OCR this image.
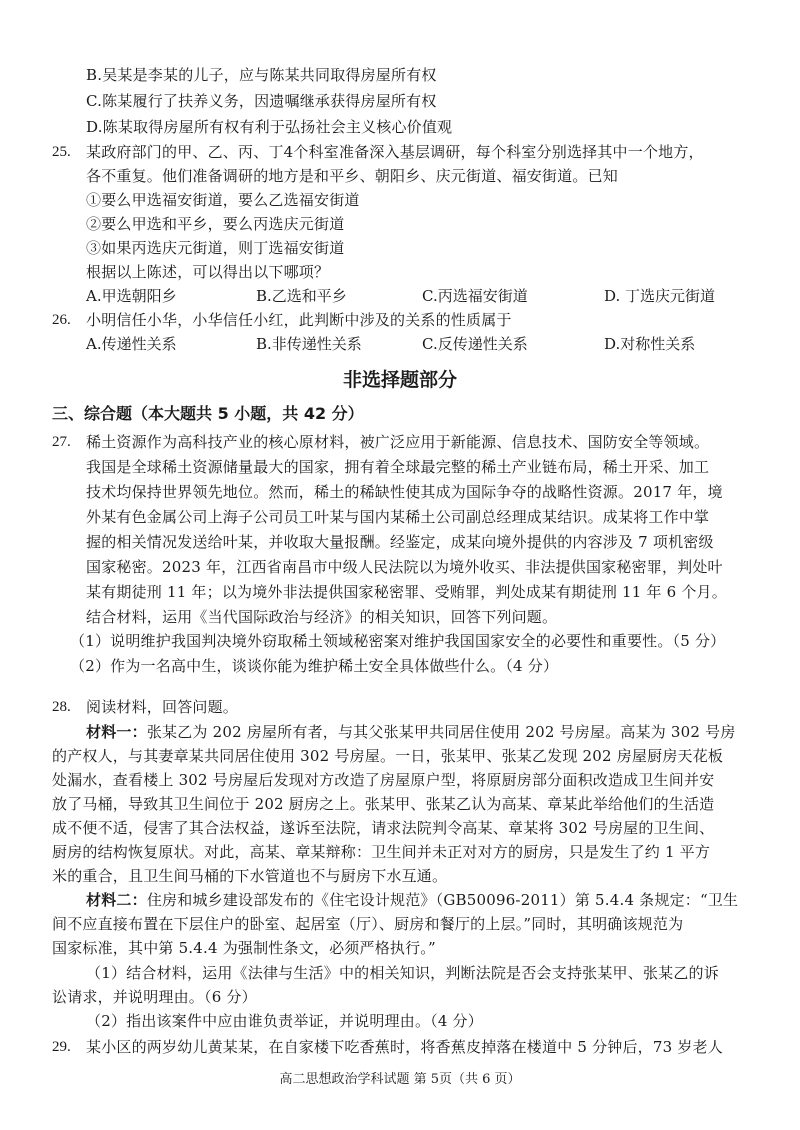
B.吴某是李某的儿子，应与陈某共同取得房屋所有权
C.陈某履行了扶养义务，因遗嘱继承获得房屋所有权
D.陈某取得房屋所有权有利于弘扬社会主义核心价值观
25. 某政府部门的甲、乙、丙、丁4个科室准备深入基层调研，每个科室分别选择其中一个地方，
各不重复。他们准备调研的地方是和平乡、朝阳乡、庆元街道、福安街道。已知
①要么甲选福安街道，要么乙选福安街道
②要么甲选和平乡，要么丙选庆元街道
③如果丙选庆元街道，则丁选福安街道
根据以上陈述，可以得出以下哪项？
A.甲选朝阳乡	B.乙选和平乡	C.丙选福安街道	D. 丁选庆元街道
26. 小明信任小华，小华信任小红，此判断中涉及的关系的性质属于
A.传递性关系	B.非传递性关系	C.反传递性关系	D.对称性关系
非选择题部分
三、综合题（本大题共 5 小题，共 42 分）
27. 稀土资源作为高科技产业的核心原材料，被广泛应用于新能源、信息技术、国防安全等领域。
我国是全球稀土资源储量最大的国家，拥有着全球最完整的稀土产业链布局，稀土开采、加工
技术均保持世界领先地位。然而，稀土的稀缺性使其成为国际争夺的战略性资源。2017 年，境
外某有色金属公司上海子公司员工叶某与国内某稀土公司副总经理成某结识。成某将工作中掌
握的相关情况发送给叶某，并收取大量报酬。经鉴定，成某向境外提供的内容涉及 7 项机密级
国家秘密。2023 年，江西省南昌市中级人民法院以为境外收买、非法提供国家秘密罪，判处叶
某有期徒刑 11 年；以为境外非法提供国家秘密罪、受贿罪，判处成某有期徒刑 11 年 6 个月。
结合材料，运用《当代国际政治与经济》的相关知识，回答下列问题。
（1）说明维护我国判决境外窃取稀土领域秘密案对维护我国国家安全的必要性和重要性。（5 分）
（2）作为一名高中生，谈谈你能为维护稀土安全具体做些什么。（4 分）
28. 阅读材料，回答问题。
材料一：张某乙为 202 房屋所有者，与其父张某甲共同居住使用 202 号房屋。高某为 302 号房
的产权人，与其妻章某共同居住使用 302 号房屋。一日，张某甲、张某乙发现 202 房屋厨房天花板
处漏水，查看楼上 302 号房屋后发现对方改造了房屋原户型，将原厨房部分面积改造成卫生间并安
放了马桶，导致其卫生间位于 202 厨房之上。张某甲、张某乙认为高某、章某此举给他们的生活造
成不便不适，侵害了其合法权益，遂诉至法院，请求法院判令高某、章某将 302 号房屋的卫生间、
厨房的结构恢复原状。对此，高某、章某辩称：卫生间并未正对对方的厨房，只是发生了约 1 平方
米的重合，且卫生间马桶的下水管道也不与厨房下水互通。
材料二：住房和城乡建设部发布的《住宅设计规范》（GB50096-2011）第 5.4.4 条规定：“卫生
间不应直接布置在下层住户的卧室、起居室（厅）、厨房和餐厅的上层。”同时，其明确该规范为
国家标准，其中第 5.4.4 为强制性条文，必须严格执行。”
（1）结合材料，运用《法律与生活》中的相关知识，判断法院是否会支持张某甲、张某乙的诉
讼请求，并说明理由。（6 分）
（2）指出该案件中应由谁负责举证，并说明理由。（4 分）
29. 某小区的两岁幼儿黄某某，在自家楼下吃香蕉时，将香蕉皮掉落在楼道中 5 分钟后，73 岁老人
高二思想政治学科试题 第 5页（共 6 页）
